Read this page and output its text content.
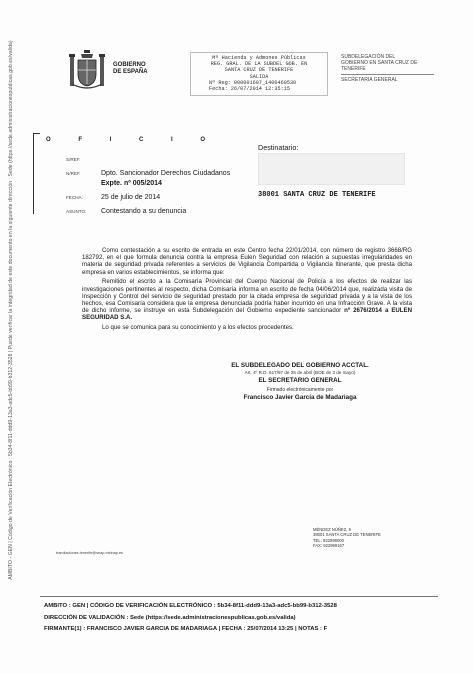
AMBITO - GEN | Código de Verificación Electrónico : 5b34-8f11-ddd9-13a3-adc5-bb99-b312-3528 | Puede verificar la integridad de este documento en la siguiente dirección : Sede (https://sede.administracionespublicas.gob.es/valida)	GOBIERNO
DE ESPAÑA
Mª Hacienda y Admones Públicas
REG. GRAL. DE LA SUBDEL GOB. EN
SANTA CRUZ DE TENERIFE
SALIDA
Nº Reg: 000001607_1400460530
Fecha: 26/07/2014 12:35:15
SUBDELEGACIÓN DEL
GOBIERNO EN SANTA CRUZ DE
TENERIFE
SECRETARIA GENERAL
O F I C I O
S/REF.
N/REF.	Dpto. Sancionador Derechos Ciudadanos
Expte. nº 005/2014
FECHA:	25 de julio de 2014
ASUNTO: Contestando a su denuncia
Destinatario:
38001 SANTA CRUZ DE TENERIFE

Como contestación a su escrito de entrada en este Centro fecha 22/01/2014, con número de registro 3668/RG 182792, en el que formula denuncia contra la empresa Eulen Seguridad con relación a supuestas irregularidades en materia de seguridad privada referentes a servicios de Vigilancia Compartida o Vigilancia Itinerante, que presta dicha empresa en varios establecimientos, se informa que:

Remitido el escrito a la Comisaría Provincial del Cuerpo Nacional de Policía a los efectos de realizar las investigaciones pertinentes al respecto, dicha Comisaría informa en escrito de fecha 04/06/2014 que, realizada visita de Inspección y Control del servicio de seguridad prestado por la citada empresa de seguridad privada y a la vista de los hechos, esa Comisaría considera que la empresa denunciada podría haber incurrido en una Infracción Grave. A la vista de dicho informe, se instruye en esta Subdelegación del Gobierno expediente sancionador nº 2676/2014 a EULEN SEGURIDAD S.A.

Lo que se comunica para su conocimiento y a los efectos procedentes.

EL SUBDELEGADO DEL GOBIERNO ACCTAL.
Art. 4º R.D. 617/97 de 25 de abril (BOE de 3 de mayo)
EL SECRETARIO GENERAL
Firmado electrónicamente por
Francisco Javier García de Madariaga
MÉNDEZ NÚÑEZ, 9
38001 SANTA CRUZ DE TENERIFE
TEL: 922999000
FAX: 922999167
tramitaciones.tenerife@seap.minhap.es
AMBITO : GEN | CÓDIGO DE VERIFICACIÓN ELECTRÓNICO : 5b34-8f11-ddd9-13a3-adc5-bb99-b312-3528
DIRECCIÓN DE VALIDACIÓN : Sede (https://sede.administracionespublicas.gob.es/valida)
FIRMANTE(1) : FRANCISCO JAVIER GARCIA DE MADARIAGA | FECHA : 25/07/2014 13:25 | NOTAS : F
